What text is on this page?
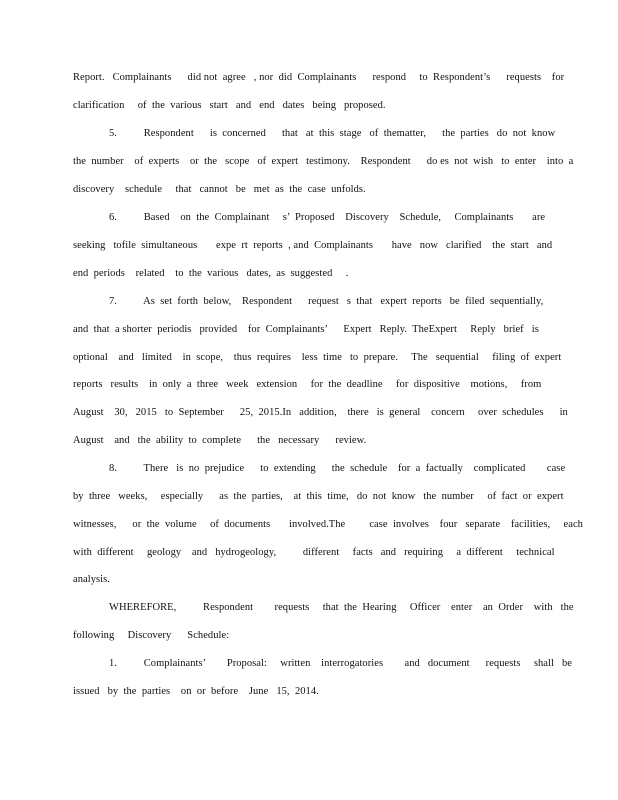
Report.   Complainants      did not  agree   , nor  did  Complainants      respond     to  Respondent’s      requests    for
clarification     of  the  various   start   and   end   dates   being   proposed.
5.          Respondent      is  concerned      that   at  this  stage   of  thematter,      the  parties   do  not  know
the  number    of  experts    or  the   scope   of  expert   testimony.    Respondent      do es  not  wish   to  enter    into  a
discovery    schedule     that   cannot   be   met  as  the  case  unfolds.
6.          Based    on  the  Complainant     s’  Proposed    Discovery    Schedule,     Complainants       are
seeking   tofile  simultaneous       expe  rt  reports  , and  Complainants       have   now   clarified    the  start   and
end  periods    related    to  the  various   dates,  as  suggested     .
7.          As  set  forth  below,    Respondent      request   s  that   expert  reports   be  filed  sequentially,
and  that  a shorter  periodis   provided    for  Complainants’      Expert   Reply.  TheExpert     Reply   brief   is
optional    and   limited    in  scope,    thus  requires    less  time   to  prepare.     The   sequential     filing  of  expert
reports   results    in  only  a  three   week   extension     for  the  deadline     for  dispositive    motions,     from
August    30,   2015   to  September      25,  2015.In   addition,    there   is  general    concern     over  schedules      in
August    and   the  ability  to  complete      the   necessary      review.
8.          There   is  no  prejudice      to  extending      the  schedule    for  a  factually    complicated        case
by  three   weeks,     especially      as  the  parties,    at  this  time,   do  not  know   the  number     of  fact  or  expert
witnesses,      or  the  volume     of  documents       involved.The         case  involves    four   separate    facilities,     each
with  different     geology    and   hydrogeology,          different     facts   and   requiring     a  different     technical
analysis.
WHEREFORE,          Respondent        requests     that  the  Hearing     Officer    enter    an  Order    with   the
following     Discovery      Schedule:
1.          Complainants’        Proposal:     written    interrogatories        and   document      requests     shall   be
issued   by  the  parties    on  or  before    June   15,  2014.
